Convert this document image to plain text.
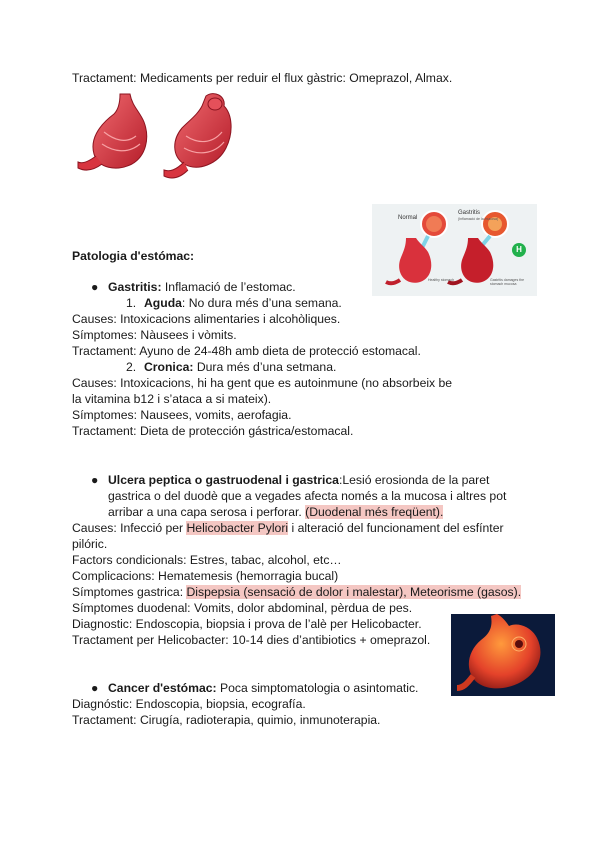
Tractament: Medicaments per reduir el flux gàstric: Omeprazol, Almax.
Normal
Gastritis
(Inflamació de la mucosa)
Healthy stomach	Gastritis damages the stomach mucosa
H
Patologia d'estómac:
● Gastritis: Inflamació de l’estomac.
1. Aguda: No dura més d’una semana.
Causes: Intoxicacions alimentaries i alcohòliques.
Símptomes: Nàusees i vòmits.
Tractament: Ayuno de 24-48h amb dieta de protecció estomacal.
2. Cronica: Dura més d’una setmana.
Causes: Intoxicacions, hi ha gent que es autoinmune (no absorbeix be
la vitamina b12 i s’ataca a si mateix).
Símptomes: Nausees, vomits, aerofagia.
Tractament: Dieta de protección gástrica/estomacal.
● Ulcera peptica o gastruodenal i gastrica:Lesió erosionda de la paret
gastrica o del duodè que a vegades afecta només a la mucosa i altres pot
arribar a una capa serosa i perforar. (Duodenal més freqüent).
Causes: Infecció per Helicobacter Pylori i alteració del funcionament del esfínter
pilóric.
Factors condicionals: Estres, tabac, alcohol, etc…
Complicacions: Hematemesis (hemorragia bucal)
Símptomes gastrica: Dispepsia (sensació de dolor i malestar), Meteorisme (gasos).
Símptomes duodenal: Vomits, dolor abdominal, pèrdua de pes.
Diagnostic: Endoscopia, biopsia i prova de l’alè per Helicobacter.
Tractament per Helicobacter: 10-14 dies d’antibiotics + omeprazol.
● Cancer d'estómac: Poca simptomatologia o asintomatic.
Diagnóstic: Endoscopia, biopsia, ecografía.
Tractament: Cirugía, radioterapia, quimio, inmunoterapia.
